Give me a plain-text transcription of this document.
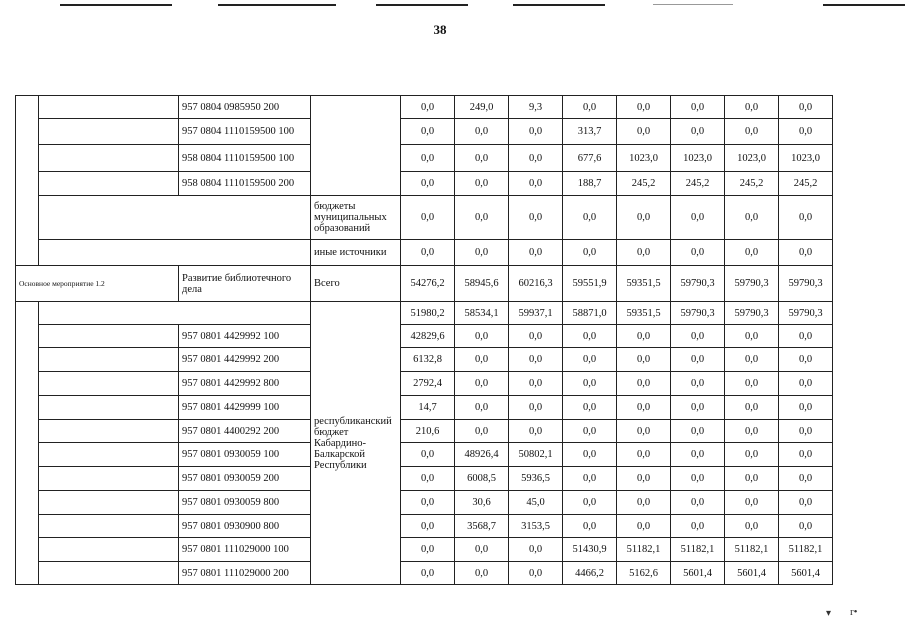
38
		957 0804 0985950 200		0,0	249,0	9,3	0,0	0,0	0,0	0,0	0,0
		957 0804 1110159500 100		0,0	0,0	0,0	313,7	0,0	0,0	0,0	0,0
		958 0804 1110159500 100		0,0	0,0	0,0	677,6	1023,0	1023,0	1023,0	1023,0
		958 0804 1110159500 200		0,0	0,0	0,0	188,7	245,2	245,2	245,2	245,2
			бюджеты муниципальных образований	0,0	0,0	0,0	0,0	0,0	0,0	0,0	0,0
			иные источники	0,0	0,0	0,0	0,0	0,0	0,0	0,0	0,0
Основное мероприятие 1.2		Развитие библиотечного дела	Всего	54276,2	58945,6	60216,3	59551,9	59351,5	59790,3	59790,3	59790,3
			республиканский бюджет Кабардино-Балкарской Республики	51980,2	58534,1	59937,1	58871,0	59351,5	59790,3	59790,3	59790,3
		957 0801 4429992 100		42829,6	0,0	0,0	0,0	0,0	0,0	0,0	0,0
		957 0801 4429992 200		6132,8	0,0	0,0	0,0	0,0	0,0	0,0	0,0
		957 0801 4429992 800		2792,4	0,0	0,0	0,0	0,0	0,0	0,0	0,0
		957 0801 4429999 100		14,7	0,0	0,0	0,0	0,0	0,0	0,0	0,0
		957 0801 4400292 200		210,6	0,0	0,0	0,0	0,0	0,0	0,0	0,0
		957 0801 0930059 100		0,0	48926,4	50802,1	0,0	0,0	0,0	0,0	0,0
		957 0801 0930059 200		0,0	6008,5	5936,5	0,0	0,0	0,0	0,0	0,0
		957 0801 0930059 800		0,0	30,6	45,0	0,0	0,0	0,0	0,0	0,0
		957 0801 0930900 800		0,0	3568,7	3153,5	0,0	0,0	0,0	0,0	0,0
		957 0801 111029000 100		0,0	0,0	0,0	51430,9	51182,1	51182,1	51182,1	51182,1
		957 0801 111029000 200		0,0	0,0	0,0	4466,2	5162,6	5601,4	5601,4	5601,4
▾ r•
